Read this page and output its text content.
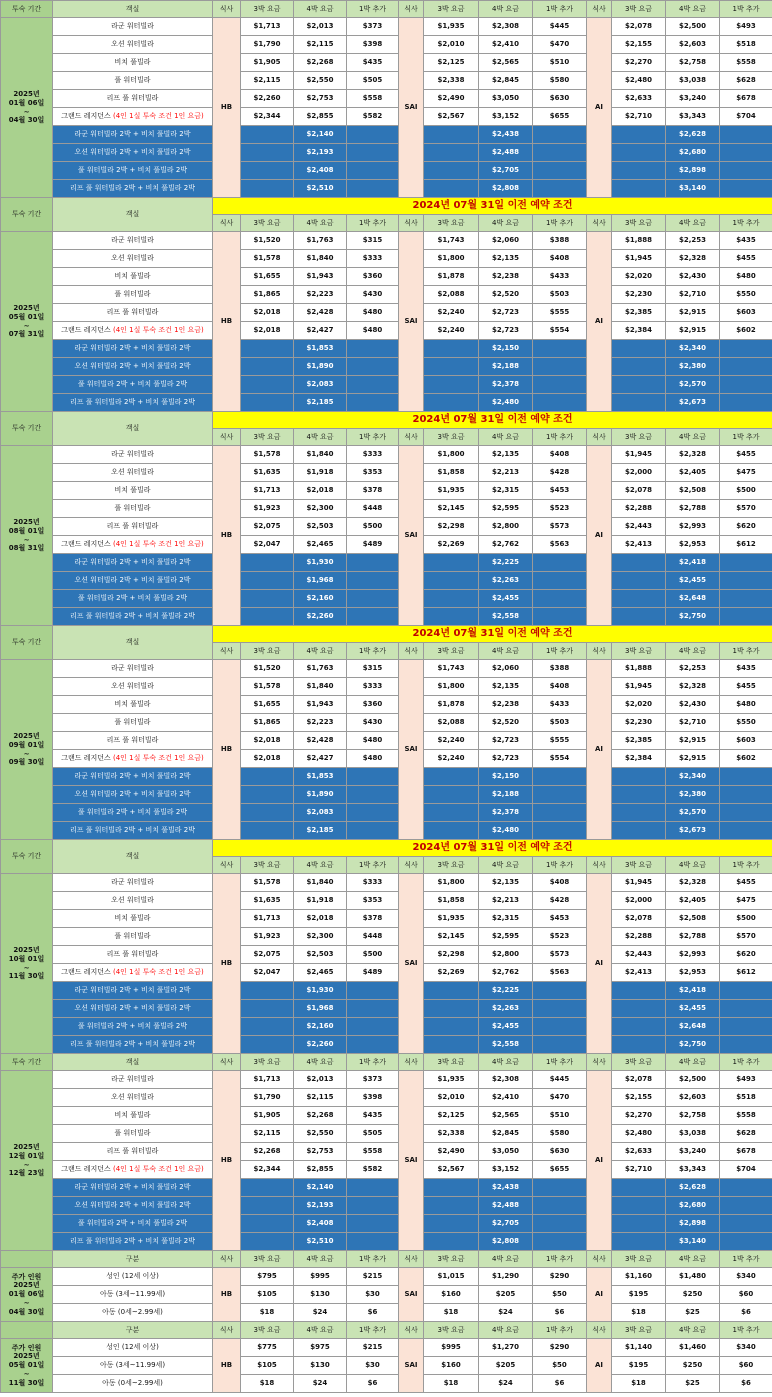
투숙 기간	객실	식사	3박 요금	4박 요금	1박 추가	식사	3박 요금	4박 요금	1박 추가	식사	3박 요금	4박 요금	1박 추가

2025년
01월 06일
~
04월 30일	라군 워터빌라	HB	$1,713	$2,013	$373	SAI	$1,935	$2,308	$445	AI	$2,078	$2,500	$493
	오션 워터빌라		$1,790	$2,115	$398		$2,010	$2,410	$470		$2,155	$2,603	$518
	비치 풀빌라		$1,905	$2,268	$435		$2,125	$2,565	$510		$2,270	$2,758	$558
	풀 워터빌라		$2,115	$2,550	$505		$2,338	$2,845	$580		$2,480	$3,038	$628
	리프 풀 워터빌라		$2,260	$2,753	$558		$2,490	$3,050	$630		$2,633	$3,240	$678
	그랜드 레지던스 (4인 1실 투숙 조건 1인 요금)		$2,344	$2,855	$582		$2,567	$3,152	$655		$2,710	$3,343	$704
	라군 워터빌라 2박 + 비치 풀빌라 2박			$2,140				$2,438				$2,628	
	오션 워터빌라 2박 + 비치 풀빌라 2박			$2,193				$2,488				$2,680	
	풀 워터빌라 2박 + 비치 풀빌라 2박			$2,408				$2,705				$2,898	
	리프 풀 워터빌라 2박 + 비치 풀빌라 2박			$2,510				$2,808				$3,140	
투숙 기간	객실	2024년 07월 31일 이전 예약 조건											
		식사	3박 요금	4박 요금	1박 추가	식사	3박 요금	4박 요금	1박 추가	식사	3박 요금	4박 요금	1박 추가

2025년
05월 01일
~
07월 31일	라군 워터빌라	HB	$1,520	$1,763	$315	SAI	$1,743	$2,060	$388	AI	$1,888	$2,253	$435
	오션 워터빌라		$1,578	$1,840	$333		$1,800	$2,135	$408		$1,945	$2,328	$455
	비치 풀빌라		$1,655	$1,943	$360		$1,878	$2,238	$433		$2,020	$2,430	$480
	풀 워터빌라		$1,865	$2,223	$430		$2,088	$2,520	$503		$2,230	$2,710	$550
	리프 풀 워터빌라		$2,018	$2,428	$480		$2,240	$2,723	$555		$2,385	$2,915	$603
	그랜드 레지던스 (4인 1실 투숙 조건 1인 요금)		$2,018	$2,427	$480		$2,240	$2,723	$554		$2,384	$2,915	$602
	라군 워터빌라 2박 + 비치 풀빌라 2박			$1,853				$2,150				$2,340	
	오션 워터빌라 2박 + 비치 풀빌라 2박			$1,890				$2,188				$2,380	
	풀 워터빌라 2박 + 비치 풀빌라 2박			$2,083				$2,378				$2,570	
	리프 풀 워터빌라 2박 + 비치 풀빌라 2박			$2,185				$2,480				$2,673	
투숙 기간	객실	2024년 07월 31일 이전 예약 조건											
		식사	3박 요금	4박 요금	1박 추가	식사	3박 요금	4박 요금	1박 추가	식사	3박 요금	4박 요금	1박 추가

2025년
08월 01일
~
08월 31일	라군 워터빌라	HB	$1,578	$1,840	$333	SAI	$1,800	$2,135	$408	AI	$1,945	$2,328	$455
	오션 워터빌라		$1,635	$1,918	$353		$1,858	$2,213	$428		$2,000	$2,405	$475
	비치 풀빌라		$1,713	$2,018	$378		$1,935	$2,315	$453		$2,078	$2,508	$500
	풀 워터빌라		$1,923	$2,300	$448		$2,145	$2,595	$523		$2,288	$2,788	$570
	리프 풀 워터빌라		$2,075	$2,503	$500		$2,298	$2,800	$573		$2,443	$2,993	$620
	그랜드 레지던스 (4인 1실 투숙 조건 1인 요금)		$2,047	$2,465	$489		$2,269	$2,762	$563		$2,413	$2,953	$612
	라군 워터빌라 2박 + 비치 풀빌라 2박			$1,930				$2,225				$2,418	
	오션 워터빌라 2박 + 비치 풀빌라 2박			$1,968				$2,263				$2,455	
	풀 워터빌라 2박 + 비치 풀빌라 2박			$2,160				$2,455				$2,648	
	리프 풀 워터빌라 2박 + 비치 풀빌라 2박			$2,260				$2,558				$2,750	
투숙 기간	객실	2024년 07월 31일 이전 예약 조건											
		식사	3박 요금	4박 요금	1박 추가	식사	3박 요금	4박 요금	1박 추가	식사	3박 요금	4박 요금	1박 추가

2025년
09월 01일
~
09월 30일	라군 워터빌라	HB	$1,520	$1,763	$315	SAI	$1,743	$2,060	$388	AI	$1,888	$2,253	$435
	오션 워터빌라		$1,578	$1,840	$333		$1,800	$2,135	$408		$1,945	$2,328	$455
	비치 풀빌라		$1,655	$1,943	$360		$1,878	$2,238	$433		$2,020	$2,430	$480
	풀 워터빌라		$1,865	$2,223	$430		$2,088	$2,520	$503		$2,230	$2,710	$550
	리프 풀 워터빌라		$2,018	$2,428	$480		$2,240	$2,723	$555		$2,385	$2,915	$603
	그랜드 레지던스 (4인 1실 투숙 조건 1인 요금)		$2,018	$2,427	$480		$2,240	$2,723	$554		$2,384	$2,915	$602
	라군 워터빌라 2박 + 비치 풀빌라 2박			$1,853				$2,150				$2,340	
	오션 워터빌라 2박 + 비치 풀빌라 2박			$1,890				$2,188				$2,380	
	풀 워터빌라 2박 + 비치 풀빌라 2박			$2,083				$2,378				$2,570	
	리프 풀 워터빌라 2박 + 비치 풀빌라 2박			$2,185				$2,480				$2,673	
투숙 기간	객실	2024년 07월 31일 이전 예약 조건											
		식사	3박 요금	4박 요금	1박 추가	식사	3박 요금	4박 요금	1박 추가	식사	3박 요금	4박 요금	1박 추가

2025년
10월 01일
~
11월 30일	라군 워터빌라	HB	$1,578	$1,840	$333	SAI	$1,800	$2,135	$408	AI	$1,945	$2,328	$455
	오션 워터빌라		$1,635	$1,918	$353		$1,858	$2,213	$428		$2,000	$2,405	$475
	비치 풀빌라		$1,713	$2,018	$378		$1,935	$2,315	$453		$2,078	$2,508	$500
	풀 워터빌라		$1,923	$2,300	$448		$2,145	$2,595	$523		$2,288	$2,788	$570
	리프 풀 워터빌라		$2,075	$2,503	$500		$2,298	$2,800	$573		$2,443	$2,993	$620
	그랜드 레지던스 (4인 1실 투숙 조건 1인 요금)		$2,047	$2,465	$489		$2,269	$2,762	$563		$2,413	$2,953	$612
	라군 워터빌라 2박 + 비치 풀빌라 2박			$1,930				$2,225				$2,418	
	오션 워터빌라 2박 + 비치 풀빌라 2박			$1,968				$2,263				$2,455	
	풀 워터빌라 2박 + 비치 풀빌라 2박			$2,160				$2,455				$2,648	
	리프 풀 워터빌라 2박 + 비치 풀빌라 2박			$2,260				$2,558				$2,750	
투숙 기간	객실	식사	3박 요금	4박 요금	1박 추가	식사	3박 요금	4박 요금	1박 추가	식사	3박 요금	4박 요금	1박 추가

2025년
12월 01일
~
12월 23일	라군 워터빌라	HB	$1,713	$2,013	$373	SAI	$1,935	$2,308	$445	AI	$2,078	$2,500	$493
	오션 워터빌라		$1,790	$2,115	$398		$2,010	$2,410	$470		$2,155	$2,603	$518
	비치 풀빌라		$1,905	$2,268	$435		$2,125	$2,565	$510		$2,270	$2,758	$558
	풀 워터빌라		$2,115	$2,550	$505		$2,338	$2,845	$580		$2,480	$3,038	$628
	리프 풀 워터빌라		$2,268	$2,753	$558		$2,490	$3,050	$630		$2,633	$3,240	$678
	그랜드 레지던스 (4인 1실 투숙 조건 1인 요금)		$2,344	$2,855	$582		$2,567	$3,152	$655		$2,710	$3,343	$704
	라군 워터빌라 2박 + 비치 풀빌라 2박			$2,140				$2,438				$2,628	
	오션 워터빌라 2박 + 비치 풀빌라 2박			$2,193				$2,488				$2,680	
	풀 워터빌라 2박 + 비치 풀빌라 2박			$2,408				$2,705				$2,898	
	리프 풀 워터빌라 2박 + 비치 풀빌라 2박			$2,510				$2,808				$3,140	
	구분	식사	3박 요금	4박 요금	1박 추가	식사	3박 요금	4박 요금	1박 추가	식사	3박 요금	4박 요금	1박 추가

주가 인원
2025년
01월 06일
~
04월 30일	성인 (12세 이상)	HB	$795	$995	$215	SAI	$1,015	$1,290	$290	AI	$1,160	$1,480	$340
	아동 (3세~11.99세)		$105	$130	$30		$160	$205	$50		$195	$250	$60
	아동 (0세~2.99세)		$18	$24	$6		$18	$24	$6		$18	$25	$6
	구분	식사	3박 요금	4박 요금	1박 추가	식사	3박 요금	4박 요금	1박 추가	식사	3박 요금	4박 요금	1박 추가

주가 인원
2025년
05월 01일
~
11월 30일	성인 (12세 이상)	HB	$775	$975	$215	SAI	$995	$1,270	$290	AI	$1,140	$1,460	$340
	아동 (3세~11.99세)		$105	$130	$30		$160	$205	$50		$195	$250	$60
	아동 (0세~2.99세)		$18	$24	$6		$18	$24	$6		$18	$25	$6
